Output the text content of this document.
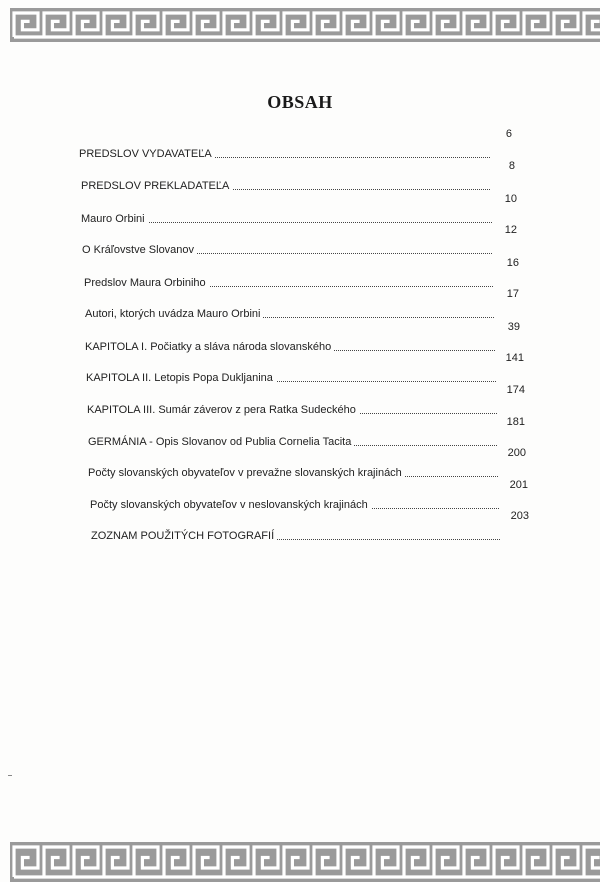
OBSAH
PREDSLOV VYDAVATEĽA
6
PREDSLOV PREKLADATEĽA
8
Mauro Orbini
10
O Kráľovstve Slovanov
12
Predslov Maura Orbiniho
16
Autori, ktorých uvádza Mauro Orbini
17
KAPITOLA I. Počiatky a sláva národa slovanského
39
KAPITOLA II. Letopis Popa Dukljanina
141
KAPITOLA III. Sumár záverov z pera Ratka Sudeckého
174
GERMÁNIA - Opis Slovanov od Publia Cornelia Tacita
181
Počty slovanských obyvateľov v prevažne slovanských krajinách
200
Počty slovanských obyvateľov v neslovanských krajinách
201
ZOZNAM POUŽITÝCH FOTOGRAFIÍ
203
